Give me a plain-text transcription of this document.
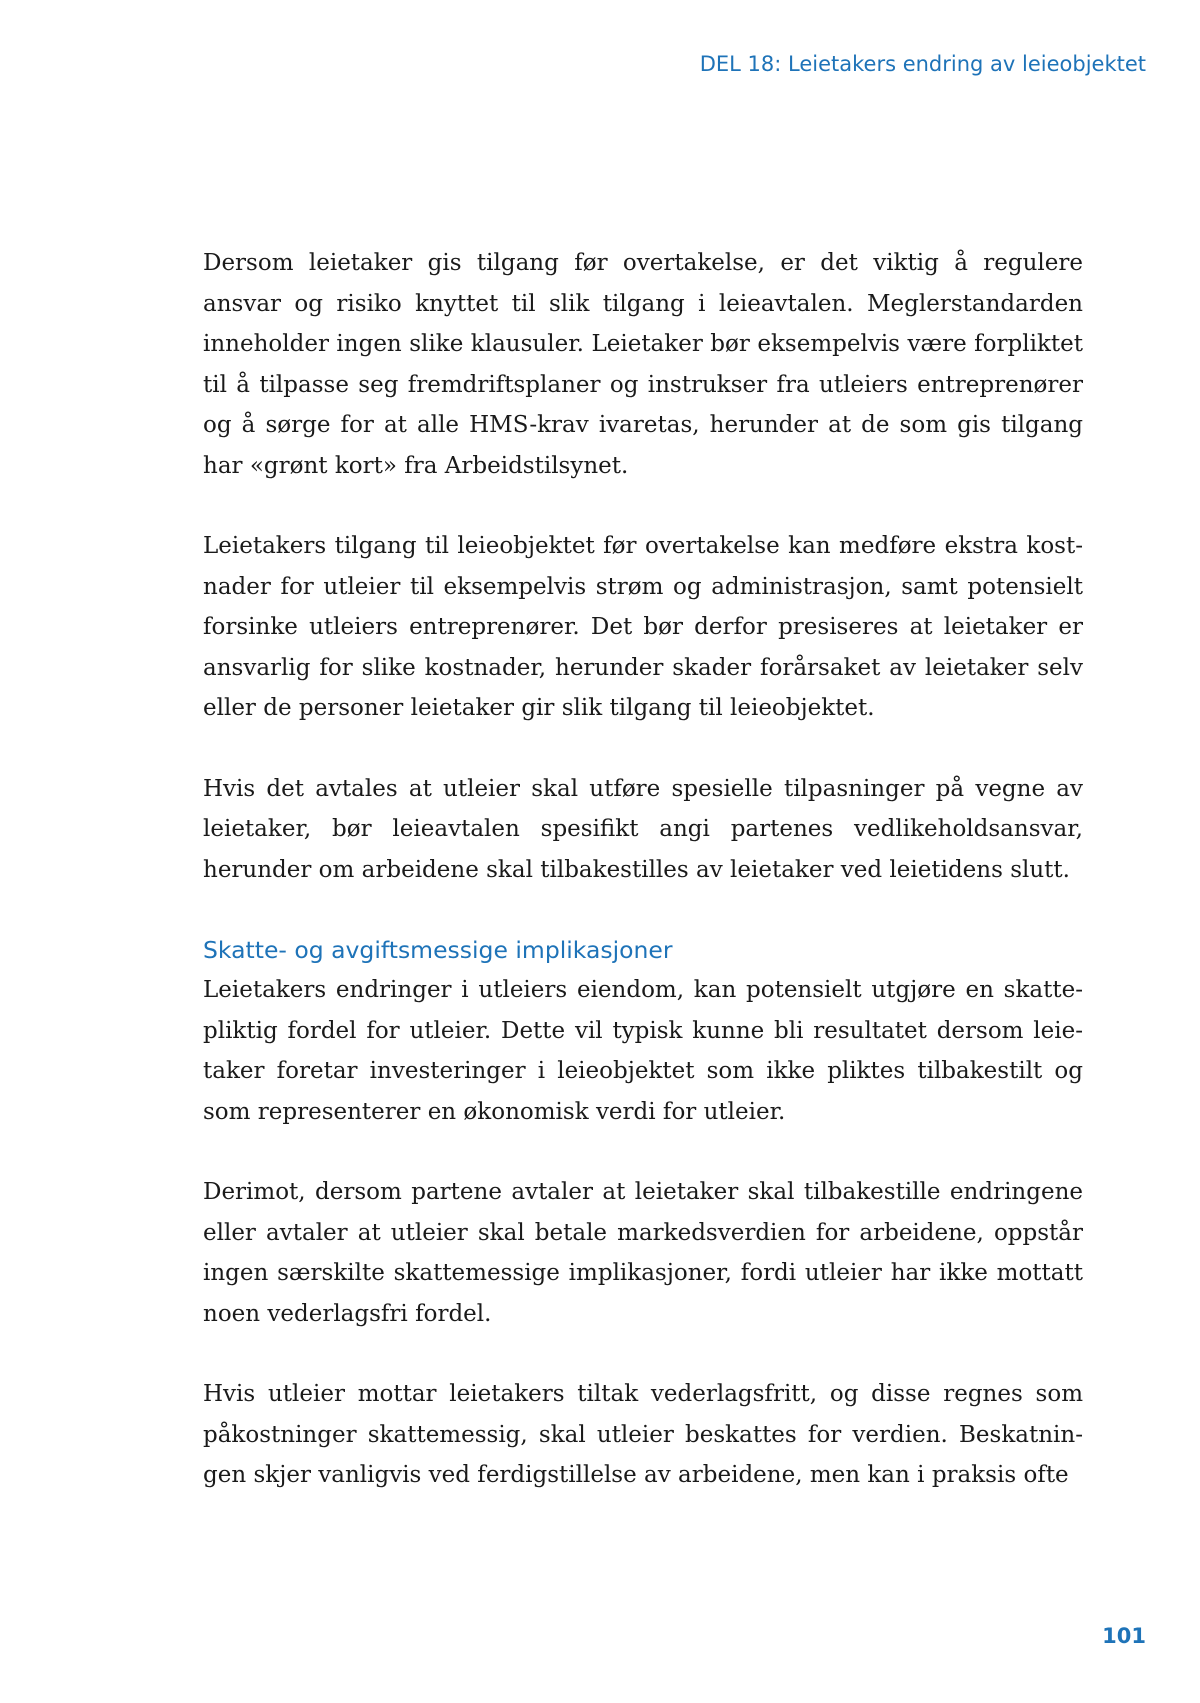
DEL 18: Leietakers endring av leieobjektet

Dersom leietaker gis tilgang før overtakelse, er det viktig å regulere ansvar og risiko knyttet til slik tilgang i leieavtalen. Meglerstandarden inneholder ingen slike klausuler. Leietaker bør eksempelvis være forpliktet til å tilpasse seg fremdriftsplaner og instrukser fra utleiers entreprenører og å sørge for at alle HMS-krav ivaretas, herunder at de som gis tilgang har «grønt kort» fra Arbeidstilsynet.

Leietakers tilgang til leieobjektet før overtakelse kan medføre ekstra kostnader for utleier til eksempelvis strøm og administrasjon, samt potensielt forsinke utleiers entreprenører. Det bør derfor presiseres at leietaker er ansvarlig for slike kostnader, herunder skader forårsaket av leietaker selv eller de personer leietaker gir slik tilgang til leieobjektet.

Hvis det avtales at utleier skal utføre spesielle tilpasninger på vegne av leietaker, bør leieavtalen spesifikt angi partenes vedlikeholdsansvar, herunder om arbeidene skal tilbakestilles av leietaker ved leietidens slutt.

Skatte- og avgiftsmessige implikasjoner

Leietakers endringer i utleiers eiendom, kan potensielt utgjøre en skattepliktig fordel for utleier. Dette vil typisk kunne bli resultatet dersom leietaker foretar investeringer i leieobjektet som ikke pliktes tilbakestilt og som representerer en økonomisk verdi for utleier.

Derimot, dersom partene avtaler at leietaker skal tilbakestille endringene eller avtaler at utleier skal betale markedsverdien for arbeidene, oppstår ingen særskilte skattemessige implikasjoner, fordi utleier har ikke mottatt noen vederlagsfri fordel.

Hvis utleier mottar leietakers tiltak vederlagsfritt, og disse regnes som påkostninger skattemessig, skal utleier beskattes for verdien. Beskatningen skjer vanligvis ved ferdigstillelse av arbeidene, men kan i praksis ofte

101
